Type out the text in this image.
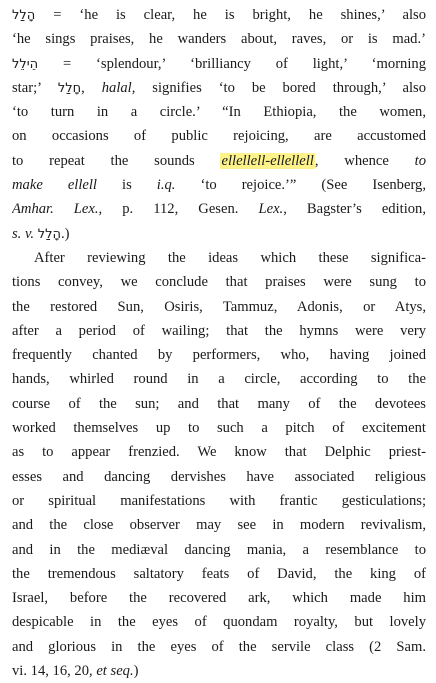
הָלַל = ‘he is clear, he is bright, he shines,’ also
‘he sings praises, he wanders about, raves, or is mad.’
הֵילֵל = ‘splendour,’ ‘brilliancy of light,’ ‘morning
star;’ חָלַל, halal, signifies ‘to be bored through,’ also
‘to turn in a circle.’ “In Ethiopia, the women,
on occasions of public rejoicing, are accustomed
to repeat the sounds ellellell-ellellell, whence to
make ellell is i.q. ‘to rejoice.’” (See Isenberg,
Amhar. Lex., p. 112, Gesen. Lex., Bagster’s edition,
s. v. הָלַל.)
After reviewing the ideas which these significa-
tions convey, we conclude that praises were sung to
the restored Sun, Osiris, Tammuz, Adonis, or Atys,
after a period of wailing; that the hymns were very
frequently chanted by performers, who, having joined
hands, whirled round in a circle, according to the
course of the sun; and that many of the devotees
worked themselves up to such a pitch of excitement
as to appear frenzied. We know that Delphic priest-
esses and dancing dervishes have associated religious
or spiritual manifestations with frantic gesticulations;
and the close observer may see in modern revivalism,
and in the mediæval dancing mania, a resemblance to
the tremendous saltatory feats of David, the king of
Israel, before the recovered ark, which made him
despicable in the eyes of quondam royalty, but lovely
and glorious in the eyes of the servile class (2 Sam.
vi. 14, 16, 20, et seq.)
